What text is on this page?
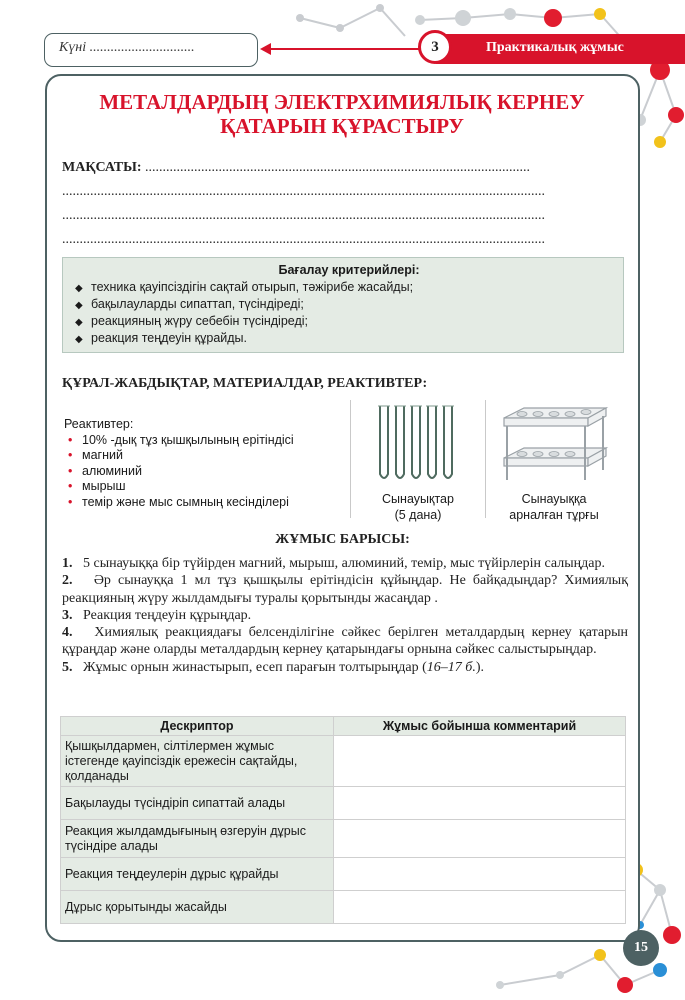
Күні ..............................	Практикалық жұмыс
3
МЕТАЛДАРДЫҢ ЭЛЕКТРХИМИЯЛЫҚ КЕРНЕУ
ҚАТАРЫН ҚҰРАСТЫРУ
МАҚСАТЫ: ..............................................................................................................
..........................................................................................................................................
..........................................................................................................................................
..........................................................................................................................................
Бағалау критерийлері:
◆ техника қауіпсіздігін сақтай отырып, тәжірибе жасайды;
◆ бақылауларды сипаттап, түсіндіреді;
◆ реакцияның жүру себебін түсіндіреді;
◆ реакция теңдеуін құрайды.
ҚҰРАЛ-ЖАБДЫҚТАР, МАТЕРИАЛДАР, РЕАКТИВТЕР:
Реактивтер:
• 10% -дық тұз қышқылының ерітіндісі
• магний
• алюминий
• мырыш
• темір және мыс сымның кесінділері	Сынауықтар
(5 дана)
Сынауыққа
арналған тұрғы
ЖҰМЫС БАРЫСЫ:

1. 5 сынауыққа бір түйірден магний, мырыш, алюминий, темір, мыс түйірлерін салыңдар.

2. Әр сынауққа 1 мл тұз қышқылы ерітіндісін құйыңдар. Не байқадыңдар? Химиялық реакцияның жүру жылдамдығы туралы қорытынды жасаңдар .

3. Реакция теңдеуін құрыңдар.

4. Химиялық реакциядағы белсенділігіне сәйкес берілген металдардың кернеу қатарын құраңдар және оларды металдардың кернеу қатарындағы орнына сәйкес салыстырыңдар.

5. Жұмыс орнын жинастырып, есеп парағын толтырыңдар (16–17 б.).

Дескриптор	Жұмыс бойынша комментарий
Қышқылдармен, сілтілермен жұмыс істегенде қауіпсіздік ережесін сақтайды, қолданады	
Бақылауды түсіндіріп сипаттай алады	
Реакция жылдамдығының өзгеруін дұрыс түсіндіре алады	
Реакция теңдеулерін дұрыс құрайды	
Дұрыс қорытынды жасайды	
15
